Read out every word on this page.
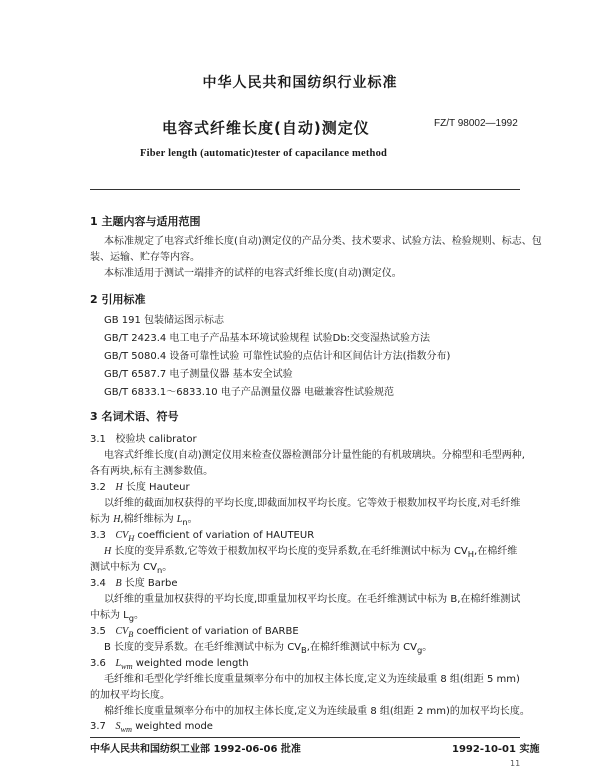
中华人民共和国纺织行业标准
电容式纤维长度(自动)测定仪	FZ/T 98002—1992
Fiber length (automatic)tester of capacilance method
1 主题内容与适用范围
本标准规定了电容式纤维长度(自动)测定仪的产品分类、技术要求、试验方法、检验规则、标志、包
装、运输、贮存等内容。
本标准适用于测试一端排齐的试样的电容式纤维长度(自动)测定仪。
2 引用标准
GB 191 包装储运图示标志
GB/T 2423.4 电工电子产品基本环境试验规程 试验Db:交变湿热试验方法
GB/T 5080.4 设备可靠性试验 可靠性试验的点估计和区间估计方法(指数分布)
GB/T 6587.7 电子测量仪器 基本安全试验
GB/T 6833.1～6833.10 电子产品测量仪器 电磁兼容性试验规范
3 名词术语、符号
3.1 校验块 calibrator
电容式纤维长度(自动)测定仪用来检查仪器检测部分计量性能的有机玻璃块。分棉型和毛型两种,
各有两块,标有主测参数值。
3.2 H 长度 Hauteur
以纤维的截面加权获得的平均长度,即截面加权平均长度。它等效于根数加权平均长度,对毛纤维
标为 H,棉纤维标为 $L_n$。
3.3 $CV_H$ coefficient of variation of HAUTEUR
H 长度的变异系数,它等效于根数加权平均长度的变异系数,在毛纤维测试中标为 $CV_H$,在棉纤维
测试中标为 $CV_n$。
3.4 B 长度 Barbe
以纤维的重量加权获得的平均长度,即重量加权平均长度。在毛纤维测试中标为 B,在棉纤维测试
中标为 $L_g$。
3.5 $CV_B$ coefficient of variation of BARBE
B 长度的变异系数。在毛纤维测试中标为 $CV_B$,在棉纤维测试中标为 $CV_g$。
3.6 $L_{wm}$ weighted mode length
毛纤维和毛型化学纤维长度重量频率分布中的加权主体长度,定义为连续最重 8 组(组距 5 mm)
的加权平均长度。
棉纤维长度重量频率分布中的加权主体长度,定义为连续最重 8 组(组距 2 mm)的加权平均长度。
3.7 $S_{wm}$ weighted mode
中华人民共和国纺织工业部 1992-06-06 批准	1992-10-01 实施
11
